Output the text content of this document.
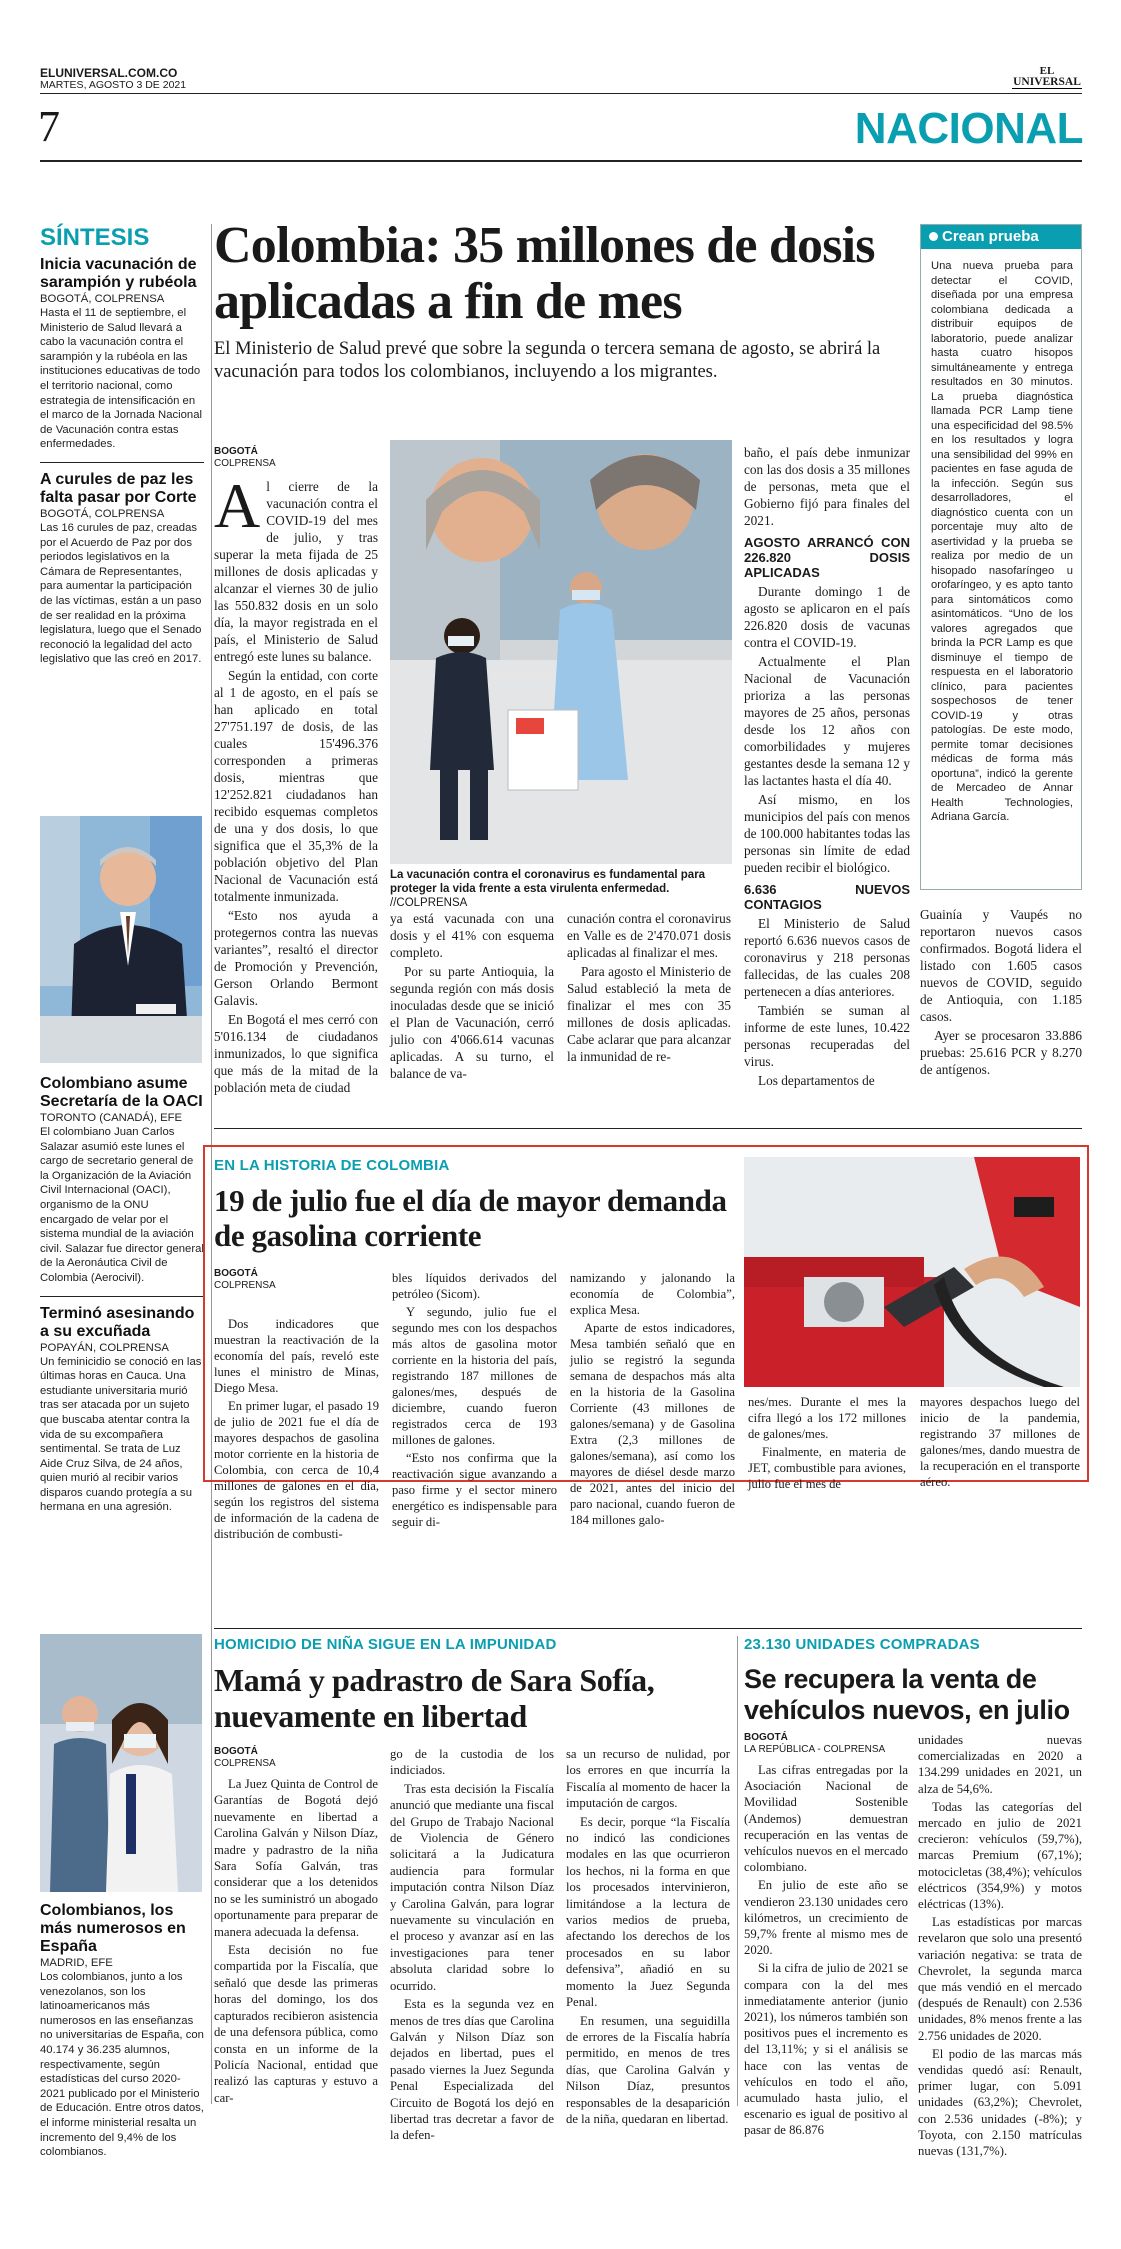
ELUNIVERSAL.COM.CO
MARTES, AGOSTO 3 DE 2021
EL
UNIVERSAL
7	NACIONAL
SÍNTESIS
Inicia vacunación de sarampión y rubéola
BOGOTÁ, COLPRENSA
Hasta el 11 de septiembre, el Ministerio de Salud llevará a cabo la vacunación contra el sarampión y la rubéola en las instituciones educativas de todo el territorio nacional, como estrategia de intensificación en el marco de la Jornada Nacional de Vacunación contra estas enfermedades.
A curules de paz les falta pasar por Corte
BOGOTÁ, COLPRENSA
Las 16 curules de paz, creadas por el Acuerdo de Paz por dos periodos legislativos en la Cámara de Representantes, para aumentar la participación de las víctimas, están a un paso de ser realidad en la próxima legislatura, luego que el Senado reconoció la legalidad del acto legislativo que las creó en 2017.
Colombiano asume Secretaría de la OACI
TORONTO (CANADÁ), EFE
El colombiano Juan Carlos Salazar asumió este lunes el cargo de secretario general de la Organización de la Aviación Civil Internacional (OACI), organismo de la ONU encargado de velar por el sistema mundial de la aviación civil. Salazar fue director general de la Aeronáutica Civil de Colombia (Aerocivil).
Terminó asesinando a su excuñada
POPAYÁN, COLPRENSA
Un feminicidio se conoció en las últimas horas en Cauca. Una estudiante universitaria murió tras ser atacada por un sujeto que buscaba atentar contra la vida de su excompañera sentimental. Se trata de Luz Aide Cruz Silva, de 24 años, quien murió al recibir varios disparos cuando protegía a su hermana en una agresión.
Colombianos, los más numerosos en España
MADRID, EFE
Los colombianos, junto a los venezolanos, son los latinoamericanos más numerosos en las enseñanzas no universitarias de España, con 40.174 y 36.235 alumnos, respectivamente, según estadísticas del curso 2020-2021 publicado por el Ministerio de Educación. Entre otros datos, el informe ministerial resalta un incremento del 9,4% de los colombianos.
Colombia: 35 millones de dosis aplicadas a fin de mes
El Ministerio de Salud prevé que sobre la segunda o tercera semana de agosto, se abrirá la vacunación para todos los colombianos, incluyendo a los migrantes.
BOGOTÁ
COLPRENSA

Al cierre de la vacunación contra el COVID-19 del mes de julio, y tras superar la meta fijada de 25 millones de dosis aplicadas y alcanzar el viernes 30 de julio las 550.832 dosis en un solo día, la mayor registrada en el país, el Ministerio de Salud entregó este lunes su balance.

Según la entidad, con corte al 1 de agosto, en el país se han aplicado en total 27'751.197 de dosis, de las cuales 15'496.376 corresponden a primeras dosis, mientras que 12'252.821 ciudadanos han recibido esquemas completos de una y dos dosis, lo que significa que el 35,3% de la población objetivo del Plan Nacional de Vacunación está totalmente inmunizada.

“Esto nos ayuda a protegernos contra las nuevas variantes”, resaltó el director de Promoción y Prevención, Gerson Orlando Bermont Galavis.

En Bogotá el mes cerró con 5'016.134 de ciudadanos inmunizados, lo que significa que más de la mitad de la población meta de ciudad

La vacunación contra el coronavirus es fundamental para proteger la vida frente a esta virulenta enfermedad. //COLPRENSA

ya está vacunada con una dosis y el 41% con esquema completo.

Por su parte Antioquia, la segunda región con más dosis inoculadas desde que se inició el Plan de Vacunación, cerró julio con 4'066.614 vacunas aplicadas. A su turno, el balance de va-

cunación contra el coronavirus en Valle es de 2'470.071 dosis aplicadas al finalizar el mes.

Para agosto el Ministerio de Salud estableció la meta de finalizar el mes con 35 millones de dosis aplicadas. Cabe aclarar que para alcanzar la inmunidad de re-

baño, el país debe inmunizar con las dos dosis a 35 millones de personas, meta que el Gobierno fijó para finales del 2021.

AGOSTO ARRANCÓ CON 226.820 DOSIS APLICADAS

Durante domingo 1 de agosto se aplicaron en el país 226.820 dosis de vacunas contra el COVID-19.

Actualmente el Plan Nacional de Vacunación prioriza a las personas mayores de 25 años, personas desde los 12 años con comorbilidades y mujeres gestantes desde la semana 12 y las lactantes hasta el día 40.

Así mismo, en los municipios del país con menos de 100.000 habitantes todas las personas sin límite de edad pueden recibir el biológico.

6.636 NUEVOS CONTAGIOS

El Ministerio de Salud reportó 6.636 nuevos casos de coronavirus y 218 personas fallecidas, de las cuales 208 pertenecen a días anteriores.

También se suman al informe de este lunes, 10.422 personas recuperadas del virus.

Los departamentos de

Crean prueba
Una nueva prueba para detectar el COVID, diseñada por una empresa colombiana dedicada a distribuir equipos de laboratorio, puede analizar hasta cuatro hisopos simultáneamente y entrega resultados en 30 minutos. La prueba diagnóstica llamada PCR Lamp tiene una especificidad del 98.5% en los resultados y logra una sensibilidad del 99% en pacientes en fase aguda de la infección. Según sus desarrolladores, el diagnóstico cuenta con un porcentaje muy alto de asertividad y la prueba se realiza por medio de un hisopado nasofaríngeo u orofaríngeo, y es apto tanto para sintomáticos como asintomáticos. “Uno de los valores agregados que brinda la PCR Lamp es que disminuye el tiempo de respuesta en el laboratorio clínico, para pacientes sospechosos de tener COVID-19 y otras patologías. De este modo, permite tomar decisiones médicas de forma más oportuna”, indicó la gerente de Mercadeo de Annar Health Technologies, Adriana García.

Guainía y Vaupés no reportaron nuevos casos confirmados. Bogotá lidera el listado con 1.605 casos nuevos de COVID, seguido de Antioquia, con 1.185 casos.

Ayer se procesaron 33.886 pruebas: 25.616 PCR y 8.270 de antígenos.

EN LA HISTORIA DE COLOMBIA
19 de julio fue el día de mayor demanda de gasolina corriente
BOGOTÁ
COLPRENSA

Dos indicadores que muestran la reactivación de la economía del país, reveló este lunes el ministro de Minas, Diego Mesa.

En primer lugar, el pasado 19 de julio de 2021 fue el día de mayores despachos de gasolina motor corriente en la historia de Colombia, con cerca de 10,4 millones de galones en el día, según los registros del sistema de información de la cadena de distribución de combusti-

bles líquidos derivados del petróleo (Sicom).

Y segundo, julio fue el segundo mes con los despachos más altos de gasolina motor corriente en la historia del país, registrando 187 millones de galones/mes, después de diciembre, cuando fueron registrados cerca de 193 millones de galones.

“Esto nos confirma que la reactivación sigue avanzando a paso firme y el sector minero energético es indispensable para seguir di-

namizando y jalonando la economía de Colombia”, explica Mesa.

Aparte de estos indicadores, Mesa también señaló que en julio se registró la segunda semana de despachos más alta en la historia de la Gasolina Corriente (43 millones de galones/semana) y de Gasolina Extra (2,3 millones de galones/semana), así como los mayores de diésel desde marzo de 2021, antes del inicio del paro nacional, cuando fueron de 184 millones galo-

nes/mes. Durante el mes la cifra llegó a los 172 millones de galones/mes.

Finalmente, en materia de JET, combustible para aviones, julio fue el mes de

mayores despachos luego del inicio de la pandemia, registrando 37 millones de galones/mes, dando muestra de la recuperación en el transporte aéreo.

HOMICIDIO DE NIÑA SIGUE EN LA IMPUNIDAD
Mamá y padrastro de Sara Sofía, nuevamente en libertad
BOGOTÁ
COLPRENSA

La Juez Quinta de Control de Garantías de Bogotá dejó nuevamente en libertad a Carolina Galván y Nilson Díaz, madre y padrastro de la niña Sara Sofía Galván, tras considerar que a los detenidos no se les suministró un abogado oportunamente para preparar de manera adecuada la defensa.

Esta decisión no fue compartida por la Fiscalía, que señaló que desde las primeras horas del domingo, los dos capturados recibieron asistencia de una defensora pública, como consta en un informe de la Policía Nacional, entidad que realizó las capturas y estuvo a car-

go de la custodia de los indiciados.

Tras esta decisión la Fiscalía anunció que mediante una fiscal del Grupo de Trabajo Nacional de Violencia de Género solicitará a la Judicatura audiencia para formular imputación contra Nilson Díaz y Carolina Galván, para lograr nuevamente su vinculación en el proceso y avanzar así en las investigaciones para tener absoluta claridad sobre lo ocurrido.

Esta es la segunda vez en menos de tres días que Carolina Galván y Nilson Díaz son dejados en libertad, pues el pasado viernes la Juez Segunda Penal Especializada del Circuito de Bogotá los dejó en libertad tras decretar a favor de la defen-

sa un recurso de nulidad, por los errores en que incurría la Fiscalía al momento de hacer la imputación de cargos.

Es decir, porque “la Fiscalía no indicó las condiciones modales en las que ocurrieron los hechos, ni la forma en que los procesados intervinieron, limitándose a la lectura de varios medios de prueba, afectando los derechos de los procesados en su labor defensiva”, añadió en su momento la Juez Segunda Penal.

En resumen, una seguidilla de errores de la Fiscalía habría permitido, en menos de tres días, que Carolina Galván y Nilson Díaz, presuntos responsables de la desaparición de la niña, quedaran en libertad.

23.130 UNIDADES COMPRADAS
Se recupera la venta de vehículos nuevos, en julio
BOGOTÁ
LA REPÚBLICA - COLPRENSA

Las cifras entregadas por la Asociación Nacional de Movilidad Sostenible (Andemos) demuestran recuperación en las ventas de vehículos nuevos en el mercado colombiano.

En julio de este año se vendieron 23.130 unidades cero kilómetros, un crecimiento de 59,7% frente al mismo mes de 2020.

Si la cifra de julio de 2021 se compara con la del mes inmediatamente anterior (junio 2021), los números también son positivos pues el incremento es del 13,11%; y si el análisis se hace con las ventas de vehículos en todo el año, acumulado hasta julio, el escenario es igual de positivo al pasar de 86.876

unidades nuevas comercializadas en 2020 a 134.299 unidades en 2021, un alza de 54,6%.

Todas las categorías del mercado en julio de 2021 crecieron: vehículos (59,7%), marcas Premium (67,1%); motocicletas (38,4%); vehículos eléctricos (354,9%) y motos eléctricas (13%).

Las estadísticas por marcas revelaron que solo una presentó variación negativa: se trata de Chevrolet, la segunda marca que más vendió en el mercado (después de Renault) con 2.536 unidades, 8% menos frente a las 2.756 unidades de 2020.

El podio de las marcas más vendidas quedó así: Renault, primer lugar, con 5.091 unidades (63,2%); Chevrolet, con 2.536 unidades (-8%); y Toyota, con 2.150 matrículas nuevas (131,7%).
